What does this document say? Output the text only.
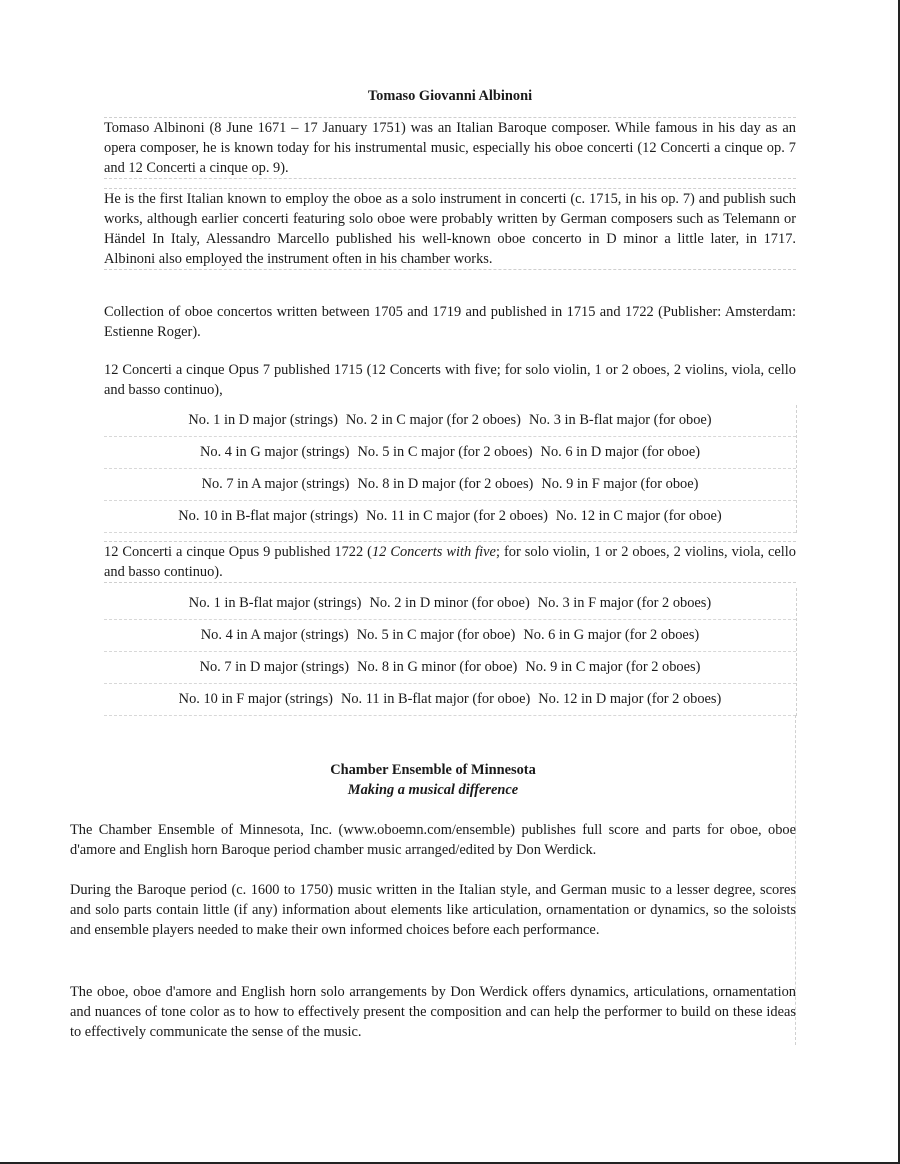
Tomaso Giovanni Albinoni

Tomaso Albinoni (8 June 1671 – 17 January 1751) was an Italian Baroque composer. While famous in his day as an opera composer, he is known today for his instrumental music, especially his oboe concerti (12 Concerti a cinque op. 7 and 12 Concerti a cinque op. 9).

He is the first Italian known to employ the oboe as a solo instrument in concerti (c. 1715, in his op. 7) and publish such works, although earlier concerti featuring solo oboe were probably written by German composers such as Telemann or Händel In Italy, Alessandro Marcello published his well-known oboe concerto in D minor a little later, in 1717. Albinoni also employed the instrument often in his chamber works.

Collection of oboe concertos written between 1705 and 1719 and published in 1715 and 1722 (Publisher: Amsterdam: Estienne Roger).

12 Concerti a cinque Opus 7 published 1715 (12 Concerts with five; for solo violin, 1 or 2 oboes, 2 violins, viola, cello and basso continuo),

No. 1 in D major (strings) No. 2 in C major (for 2 oboes) No. 3 in B-flat major (for oboe)
No. 4 in G major (strings) No. 5 in C major (for 2 oboes) No. 6 in D major (for oboe)
No. 7 in A major (strings) No. 8 in D major (for 2 oboes) No. 9 in F major (for oboe)
No. 10 in B-flat major (strings) No. 11 in C major (for 2 oboes) No. 12 in C major (for oboe)

12 Concerti a cinque Opus 9 published 1722 (12 Concerts with five; for solo violin, 1 or 2 oboes, 2 violins, viola, cello and basso continuo).

No. 1 in B-flat major (strings) No. 2 in D minor (for oboe) No. 3 in F major (for 2 oboes)
No. 4 in A major (strings) No. 5 in C major (for oboe) No. 6 in G major (for 2 oboes)
No. 7 in D major (strings) No. 8 in G minor (for oboe) No. 9 in C major (for 2 oboes)
No. 10 in F major (strings) No. 11 in B-flat major (for oboe) No. 12 in D major (for 2 oboes)
Chamber Ensemble of Minnesota
Making a musical difference

The Chamber Ensemble of Minnesota, Inc. (www.oboemn.com/ensemble) publishes full score and parts for oboe, oboe d'amore and English horn Baroque period chamber music arranged/edited by Don Werdick.

During the Baroque period (c. 1600 to 1750) music written in the Italian style, and German music to a lesser degree, scores and solo parts contain little (if any) information about elements like articulation, ornamentation or dynamics, so the soloists and ensemble players needed to make their own informed choices before each performance.

The oboe, oboe d'amore and English horn solo arrangements by Don Werdick offers dynamics, articulations, ornamentation and nuances of tone color as to how to effectively present the composition and can help the performer to build on these ideas to effectively communicate the sense of the music.
